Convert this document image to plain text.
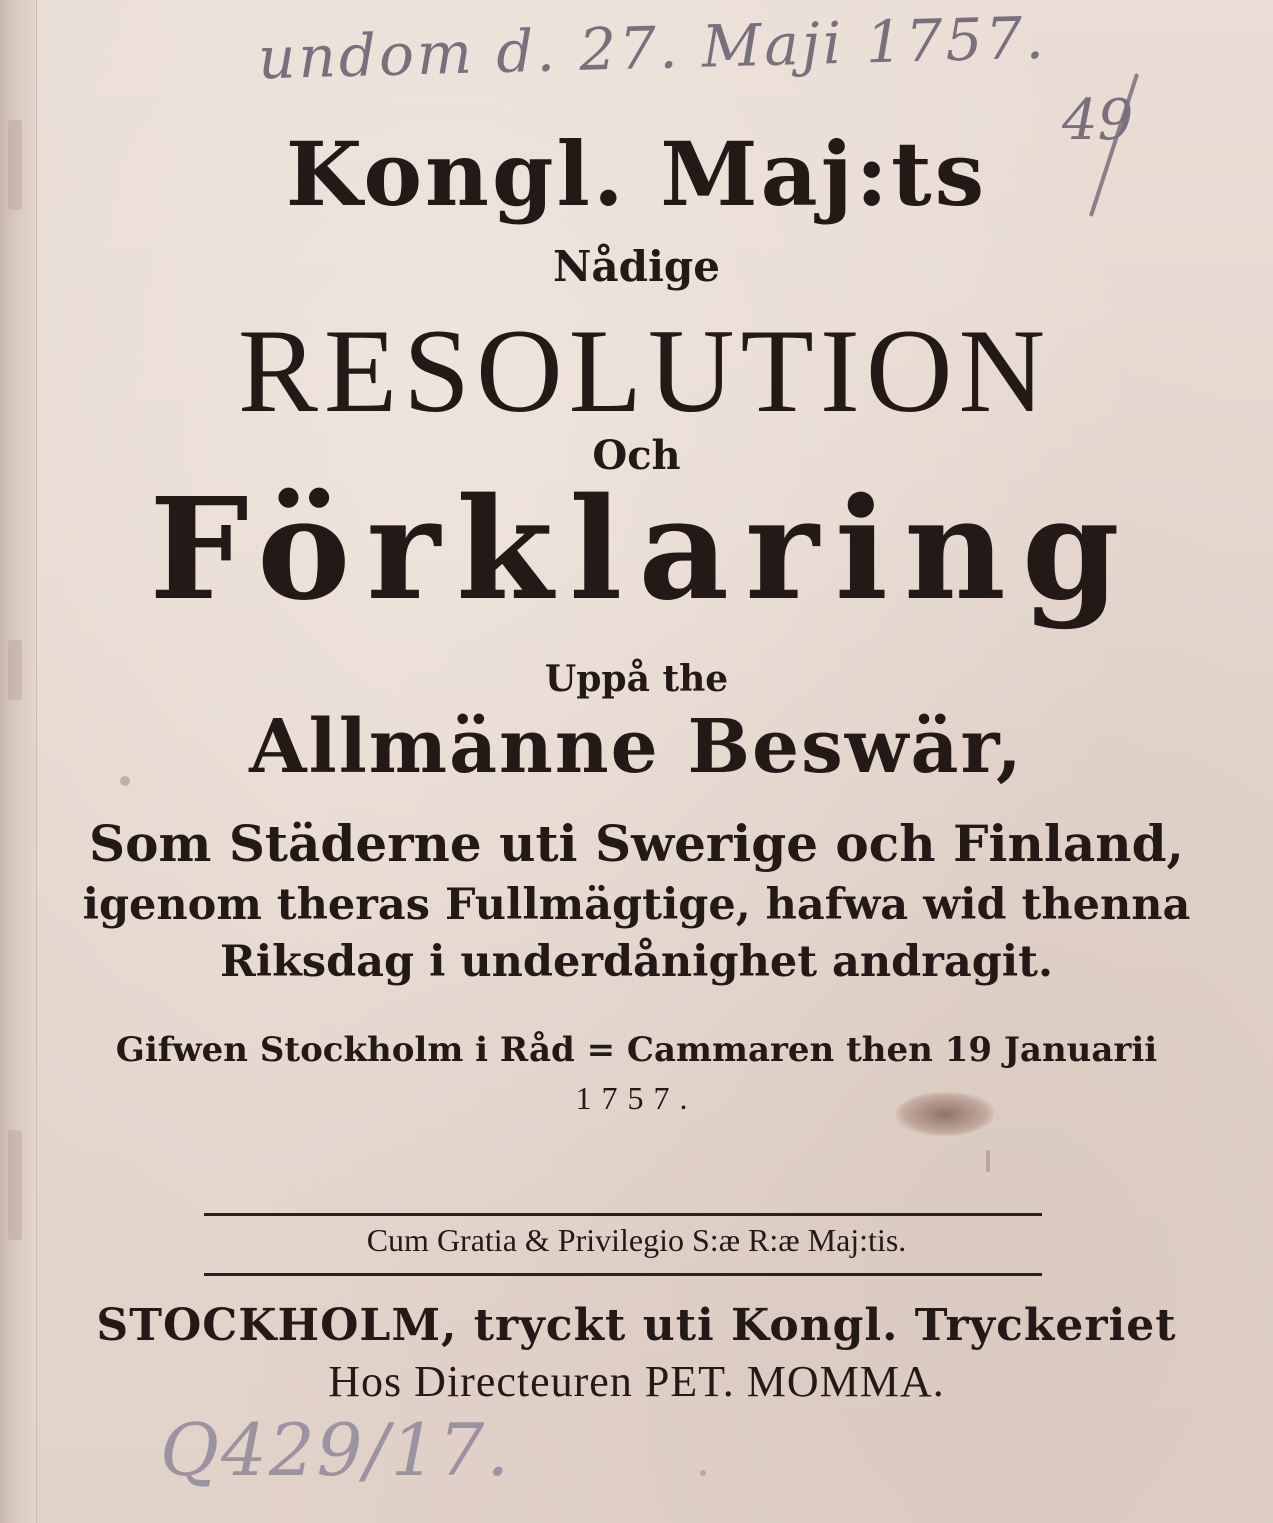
undom d. 27. Maji 1757.
49
Kongl. Maj:ts
Nådige
RESOLUTION
Och
Förklaring
Uppå the
Allmänne Beswär,
Som Städerne uti Swerige och Finland,
igenom theras Fullmägtige, hafwa wid thenna
Riksdag i underdånighet andragit.
Gifwen Stockholm i Råd = Cammaren then 19 Januarii
1757.
Cum Gratia & Privilegio S:æ R:æ Maj:tis.
STOCKHOLM, tryckt uti Kongl. Tryckeriet
Hos Directeuren PET. MOMMA.
Q429/17.
